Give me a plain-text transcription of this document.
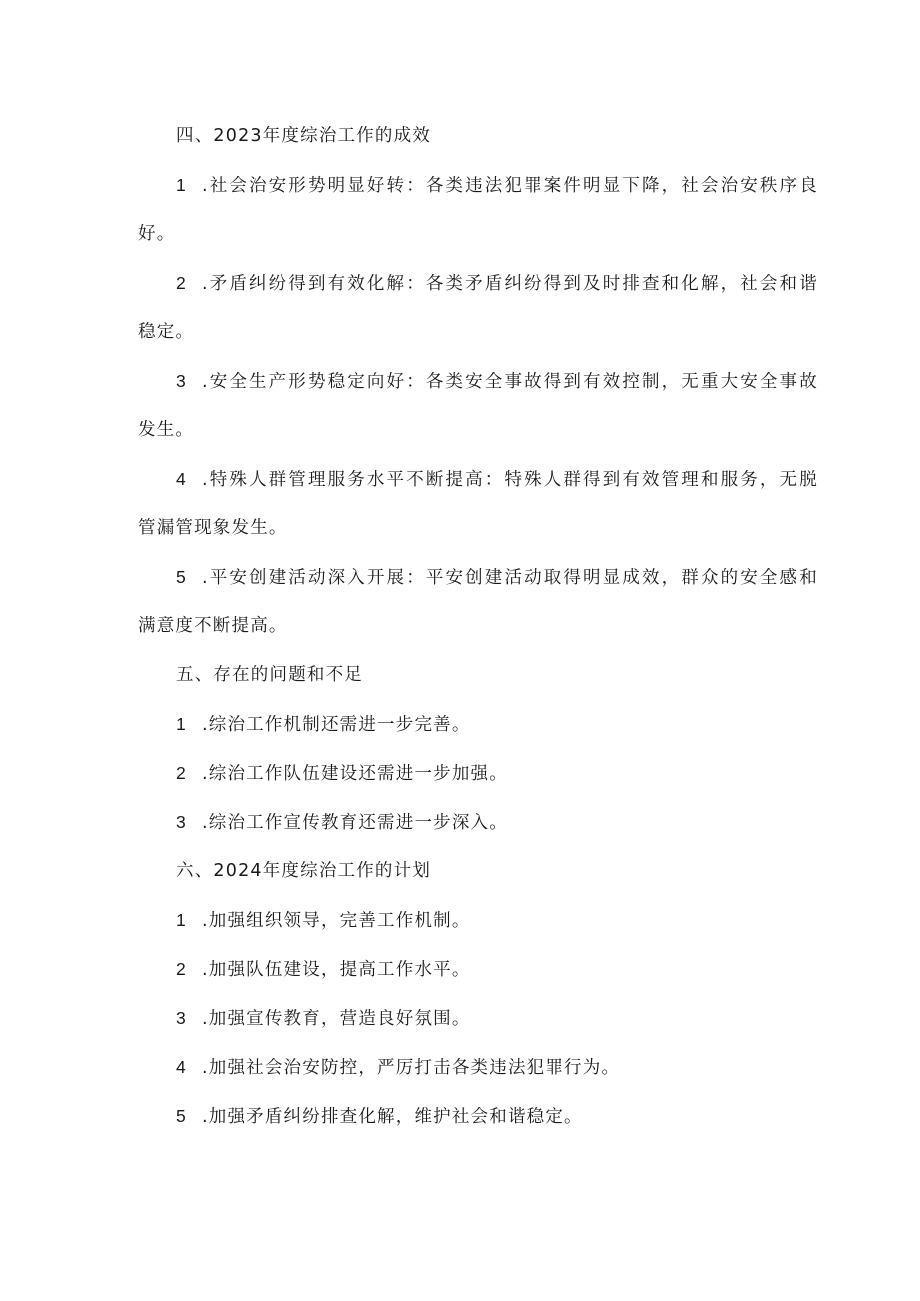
四、2023年度综治工作的成效
1 .社会治安形势明显好转：各类违法犯罪案件明显下降，社会治安秩序良
好。
2 .矛盾纠纷得到有效化解：各类矛盾纠纷得到及时排查和化解，社会和谐
稳定。
3 .安全生产形势稳定向好：各类安全事故得到有效控制，无重大安全事故
发生。
4 .特殊人群管理服务水平不断提高：特殊人群得到有效管理和服务，无脱
管漏管现象发生。
5 .平安创建活动深入开展：平安创建活动取得明显成效，群众的安全感和
满意度不断提高。
五、存在的问题和不足
1 .综治工作机制还需进一步完善。
2 .综治工作队伍建设还需进一步加强。
3 .综治工作宣传教育还需进一步深入。
六、2024年度综治工作的计划
1 .加强组织领导，完善工作机制。
2 .加强队伍建设，提高工作水平。
3 .加强宣传教育，营造良好氛围。
4 .加强社会治安防控，严厉打击各类违法犯罪行为。
5 .加强矛盾纠纷排查化解，维护社会和谐稳定。
